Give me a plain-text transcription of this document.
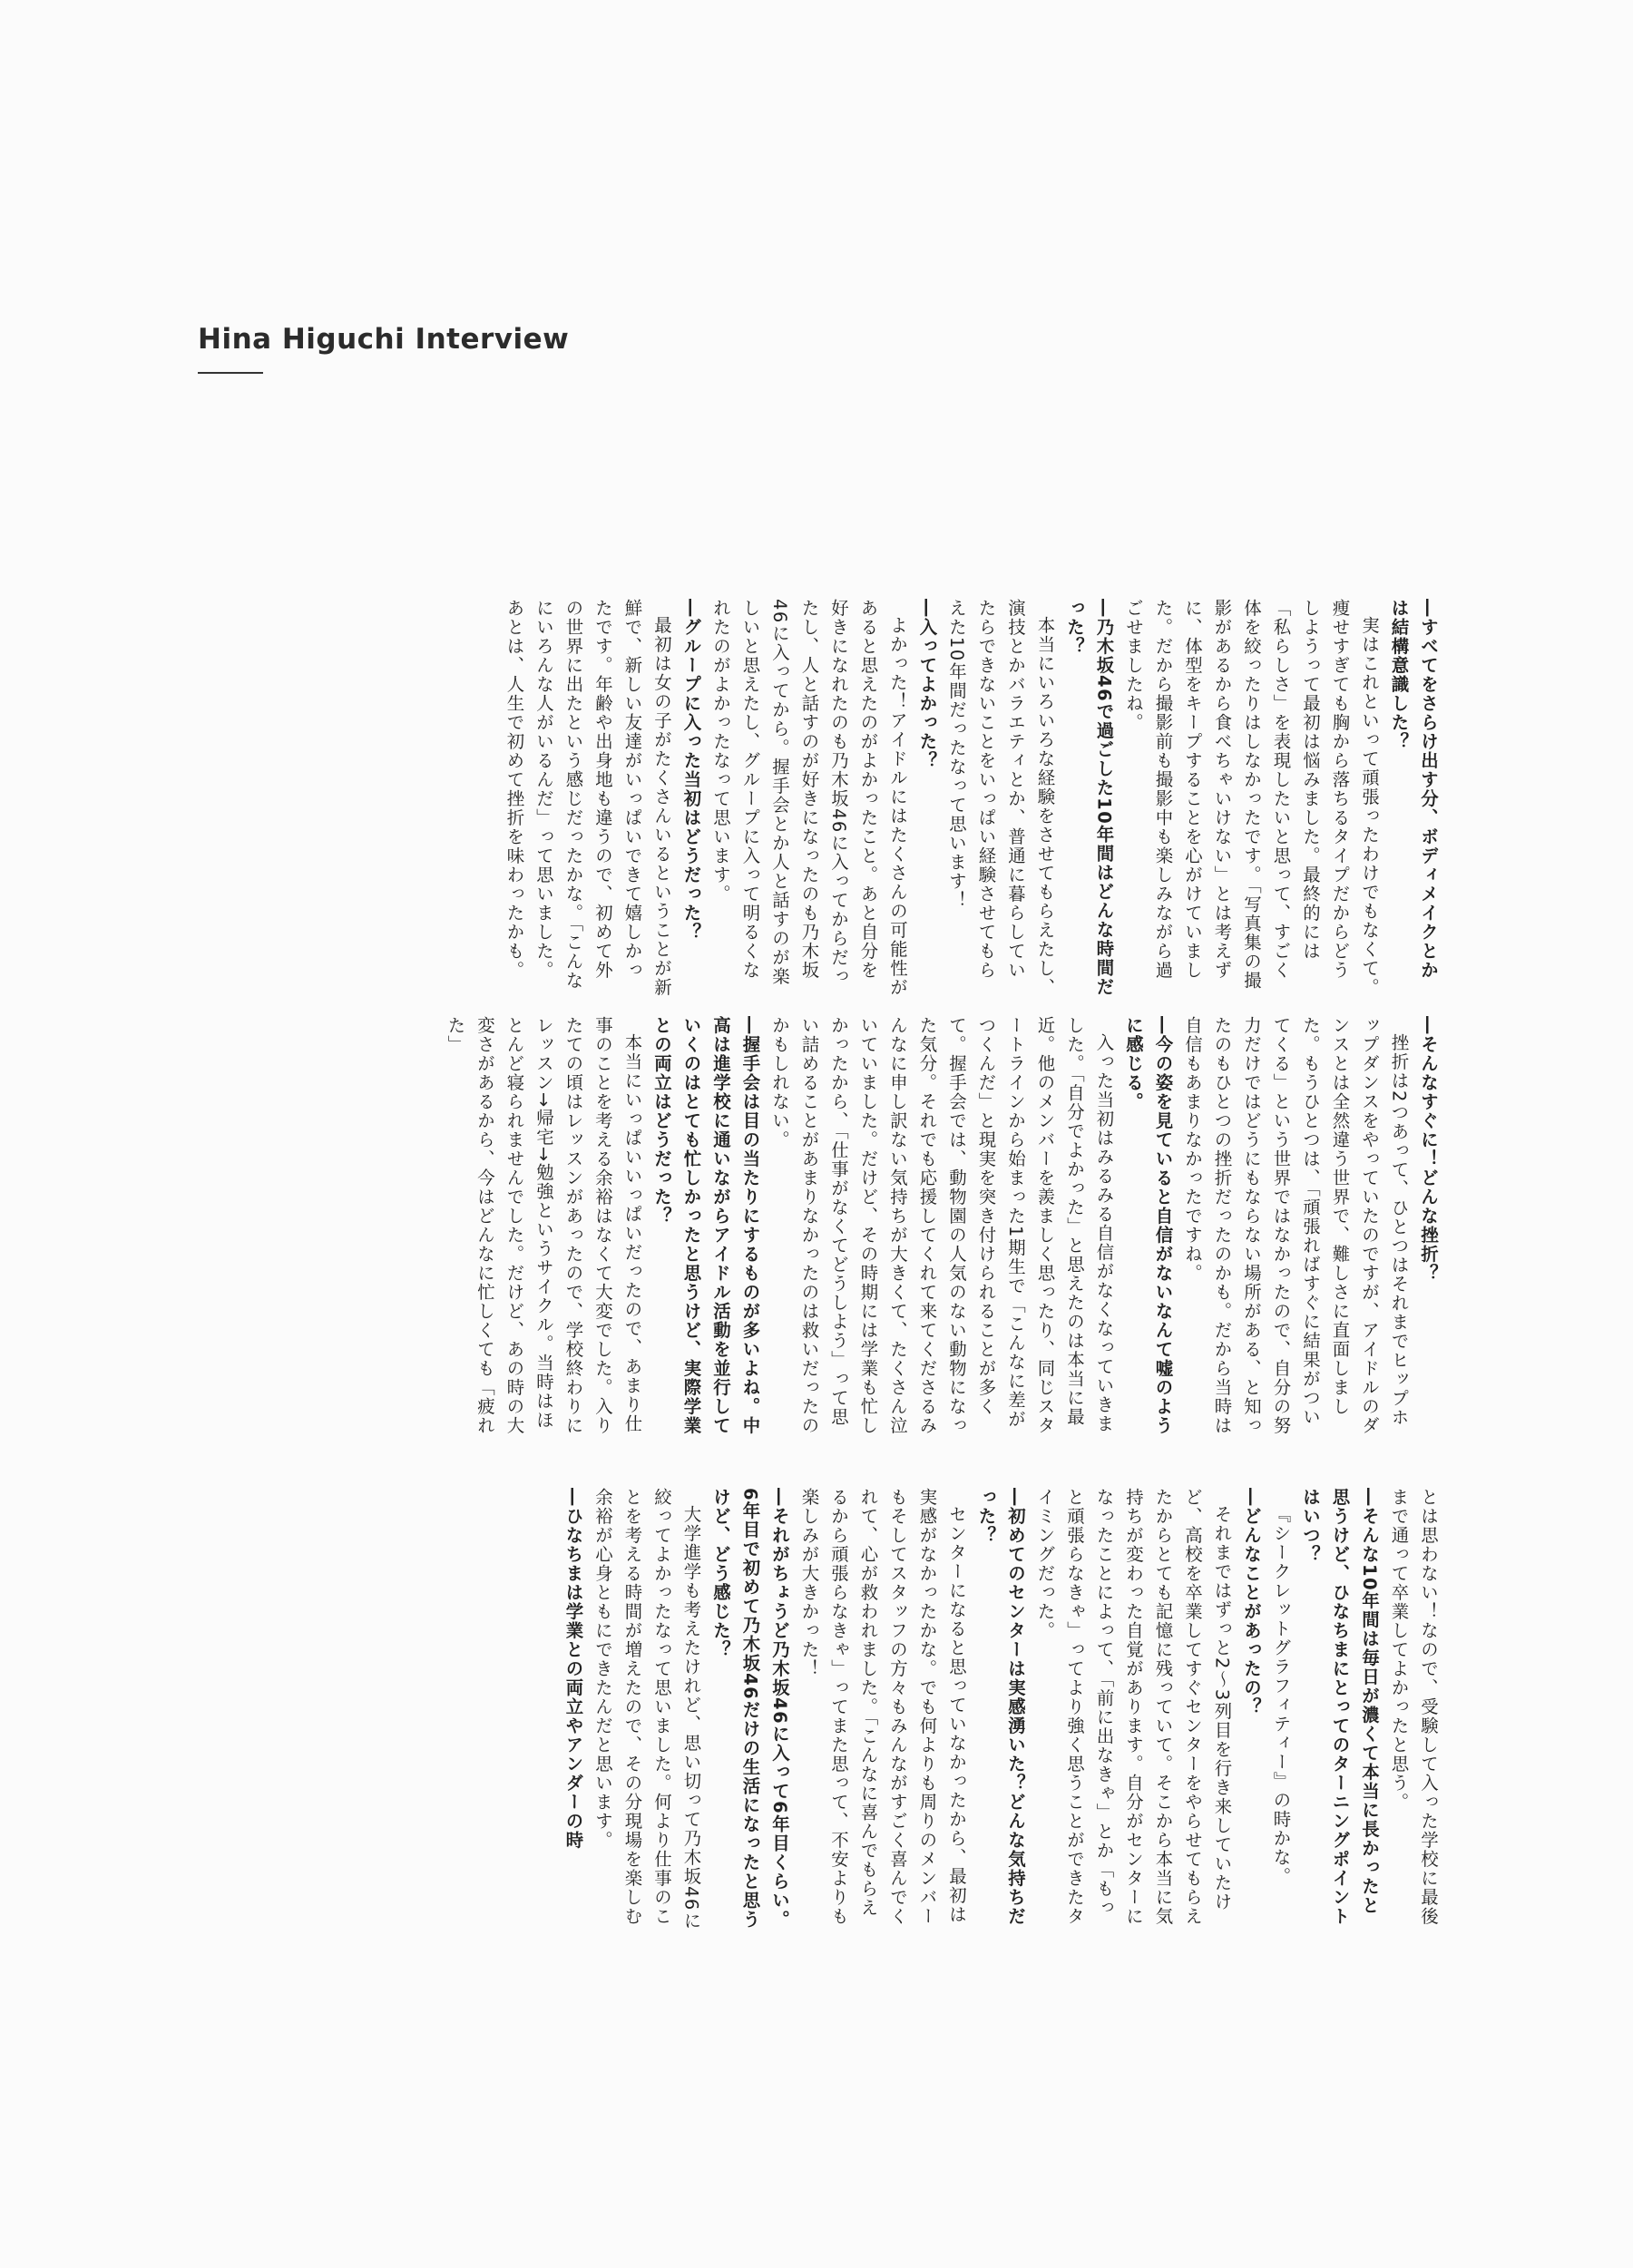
Hina Higuchi Interview

―すべてをさらけ出す分、ボディメイクとかは結構意識した？

実はこれといって頑張ったわけでもなくて。痩せすぎても胸から落ちるタイプだからどうしようって最初は悩みました。最終的には「私らしさ」を表現したいと思って、すごく体を絞ったりはしなかったです。「写真集の撮影があるから食べちゃいけない」とは考えずに、体型をキープすることを心がけていました。だから撮影前も撮影中も楽しみながら過ごせましたね。

―乃木坂46で過ごした10年間はどんな時間だった？

本当にいろいろな経験をさせてもらえたし、演技とかバラエティとか、普通に暮らしていたらできないことをいっぱい経験させてもらえた10年間だったなって思います！

―入ってよかった？

よかった！アイドルにはたくさんの可能性があると思えたのがよかったこと。あと自分を好きになれたのも乃木坂46に入ってからだったし、人と話すのが好きになったのも乃木坂46に入ってから。握手会とか人と話すのが楽しいと思えたし、グループに入って明るくなれたのがよかったなって思います。

―グループに入った当初はどうだった？

最初は女の子がたくさんいるということが新鮮で、新しい友達がいっぱいできて嬉しかったです。年齢や出身地も違うので、初めて外の世界に出たという感じだったかな。「こんなにいろんな人がいるんだ」って思いました。あとは、人生で初めて挫折を味わったかも。

―そんなすぐに！どんな挫折？

挫折は2つあって、ひとつはそれまでヒップホップダンスをやっていたのですが、アイドルのダンスとは全然違う世界で、難しさに直面しました。もうひとつは、「頑張ればすぐに結果がついてくる」という世界ではなかったので、自分の努力だけではどうにもならない場所がある、と知ったのもひとつの挫折だったのかも。だから当時は自信もあまりなかったですね。

―今の姿を見ていると自信がないなんて嘘のように感じる。

入った当初はみるみる自信がなくなっていきました。「自分でよかった」と思えたのは本当に最近。他のメンバーを羨ましく思ったり、同じスタートラインから始まった1期生で「こんなに差がつくんだ」と現実を突き付けられることが多くて。握手会では、動物園の人気のない動物になった気分。それでも応援してくれて来てくださるみんなに申し訳ない気持ちが大きくて、たくさん泣いていました。だけど、その時期には学業も忙しかったから、「仕事がなくてどうしよう」って思い詰めることがあまりなかったのは救いだったのかもしれない。

―握手会は目の当たりにするものが多いよね。中高は進学校に通いながらアイドル活動を並行していくのはとても忙しかったと思うけど、実際学業との両立はどうだった？

本当にいっぱいいっぱいだったので、あまり仕事のことを考える余裕はなくて大変でした。入りたての頃はレッスンがあったので、学校終わりにレッスン→帰宅→勉強というサイクル。当時はほとんど寝られませんでした。だけど、あの時の大変さがあるから、今はどんなに忙しくても「疲れた」

とは思わない！なので、受験して入った学校に最後まで通って卒業してよかったと思う。

―そんな10年間は毎日が濃くて本当に長かったと思うけど、ひなちまにとってのターニングポイントはいつ？

『シークレットグラフィティー』の時かな。

―どんなことがあったの？

それまではずっと2〜3列目を行き来していたけど、高校を卒業してすぐセンターをやらせてもらえたからとても記憶に残っていて。そこから本当に気持ちが変わった自覚があります。自分がセンターになったことによって、「前に出なきゃ」とか「もっと頑張らなきゃ」ってより強く思うことができたタイミングだった。

―初めてのセンターは実感湧いた？どんな気持ちだった？

センターになると思っていなかったから、最初は実感がなかったかな。でも何よりも周りのメンバーもそしてスタッフの方々もみんながすごく喜んでくれて、心が救われました。「こんなに喜んでもらえるから頑張らなきゃ」ってまた思って、不安よりも楽しみが大きかった！

―それがちょうど乃木坂46に入って6年目くらい。6年目で初めて乃木坂46だけの生活になったと思うけど、どう感じた？

大学進学も考えたけれど、思い切って乃木坂46に絞ってよかったなって思いました。何より仕事のことを考える時間が増えたので、その分現場を楽しむ余裕が心身ともにできたんだと思います。

―ひなちまは学業との両立やアンダーの時
